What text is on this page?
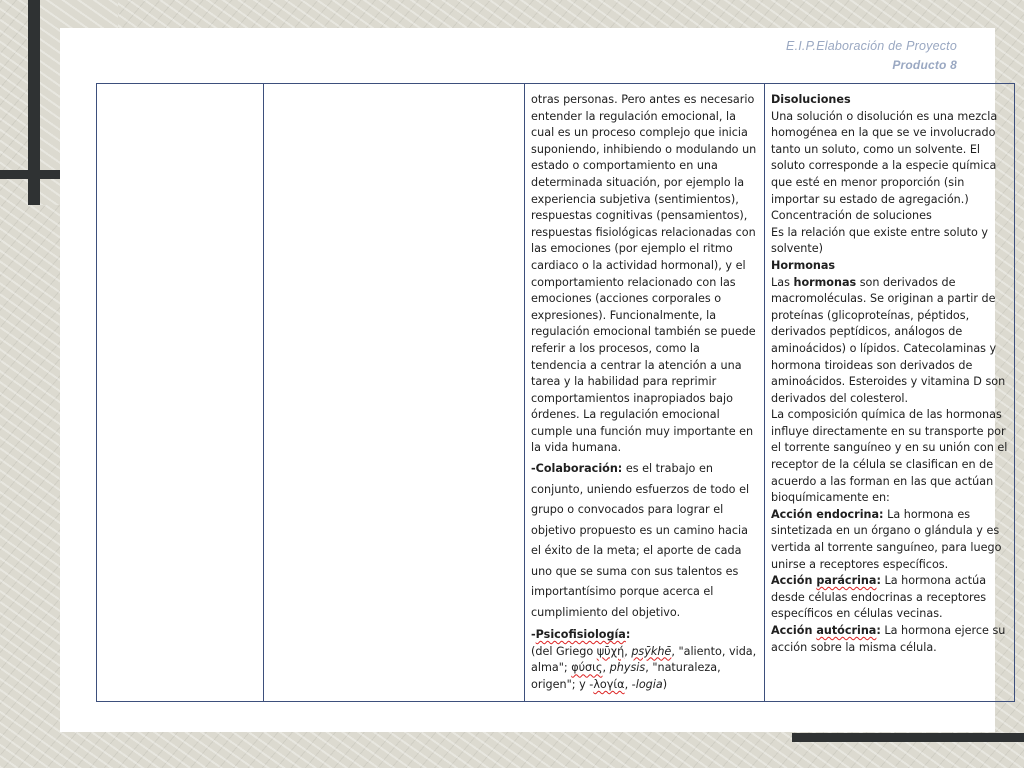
E.I.P.Elaboración de Proyecto
Producto 8

otras personas. Pero antes es necesario entender la regulación emocional, la cual es un proceso complejo que inicia suponiendo, inhibiendo o modulando un estado o comportamiento en una determinada situación, por ejemplo la experiencia subjetiva (sentimientos), respuestas cognitivas (pensamientos), respuestas fisiológicas relacionadas con las emociones (por ejemplo el ritmo cardiaco o la actividad hormonal), y el comportamiento relacionado con las emociones (acciones corporales o expresiones). Funcionalmente, la regulación emocional también se puede referir a los procesos, como la tendencia a centrar la atención a una tarea y la habilidad para reprimir comportamientos inapropiados bajo órdenes. La regulación emocional cumple una función muy importante en la vida humana.

-Colaboración: es el trabajo en conjunto, uniendo esfuerzos de todo el grupo o convocados para lograr el objetivo propuesto es un camino hacia el éxito de la meta; el aporte de cada uno que se suma con sus talentos es importantísimo porque acerca el cumplimiento del objetivo.

-Psicofisiología:

(del Griego ψῡχή, psȳkhē, "aliento, vida, alma"; φύσις, physis, "naturaleza, origen"; y -λογία, -logia)

Disoluciones

Una solución o disolución es una mezcla homogénea en la que se ve involucrado tanto un soluto, como un solvente. El soluto corresponde a la especie química que esté en menor proporción (sin importar su estado de agregación.)

Concentración de soluciones

Es la relación que existe entre soluto y solvente)

Hormonas

Las hormonas son derivados de macromoléculas. Se originan a partir de proteínas (glicoproteínas, péptidos, derivados peptídicos, análogos de aminoácidos) o lípidos. Catecolaminas y hormona tiroideas son derivados de aminoácidos. Esteroides y vitamina D son derivados del colesterol.

La composición química de las hormonas influye directamente en su transporte por el torrente sanguíneo y en su unión con el receptor de la célula se clasifican en de acuerdo a las forman en las que actúan bioquímicamente en:

Acción endocrina: La hormona es sintetizada en un órgano o glándula y es vertida al torrente sanguíneo, para luego unirse a receptores específicos.

Acción parácrina: La hormona actúa desde células endocrinas a receptores específicos en células vecinas.

Acción autócrina: La hormona ejerce su acción sobre la misma célula.
